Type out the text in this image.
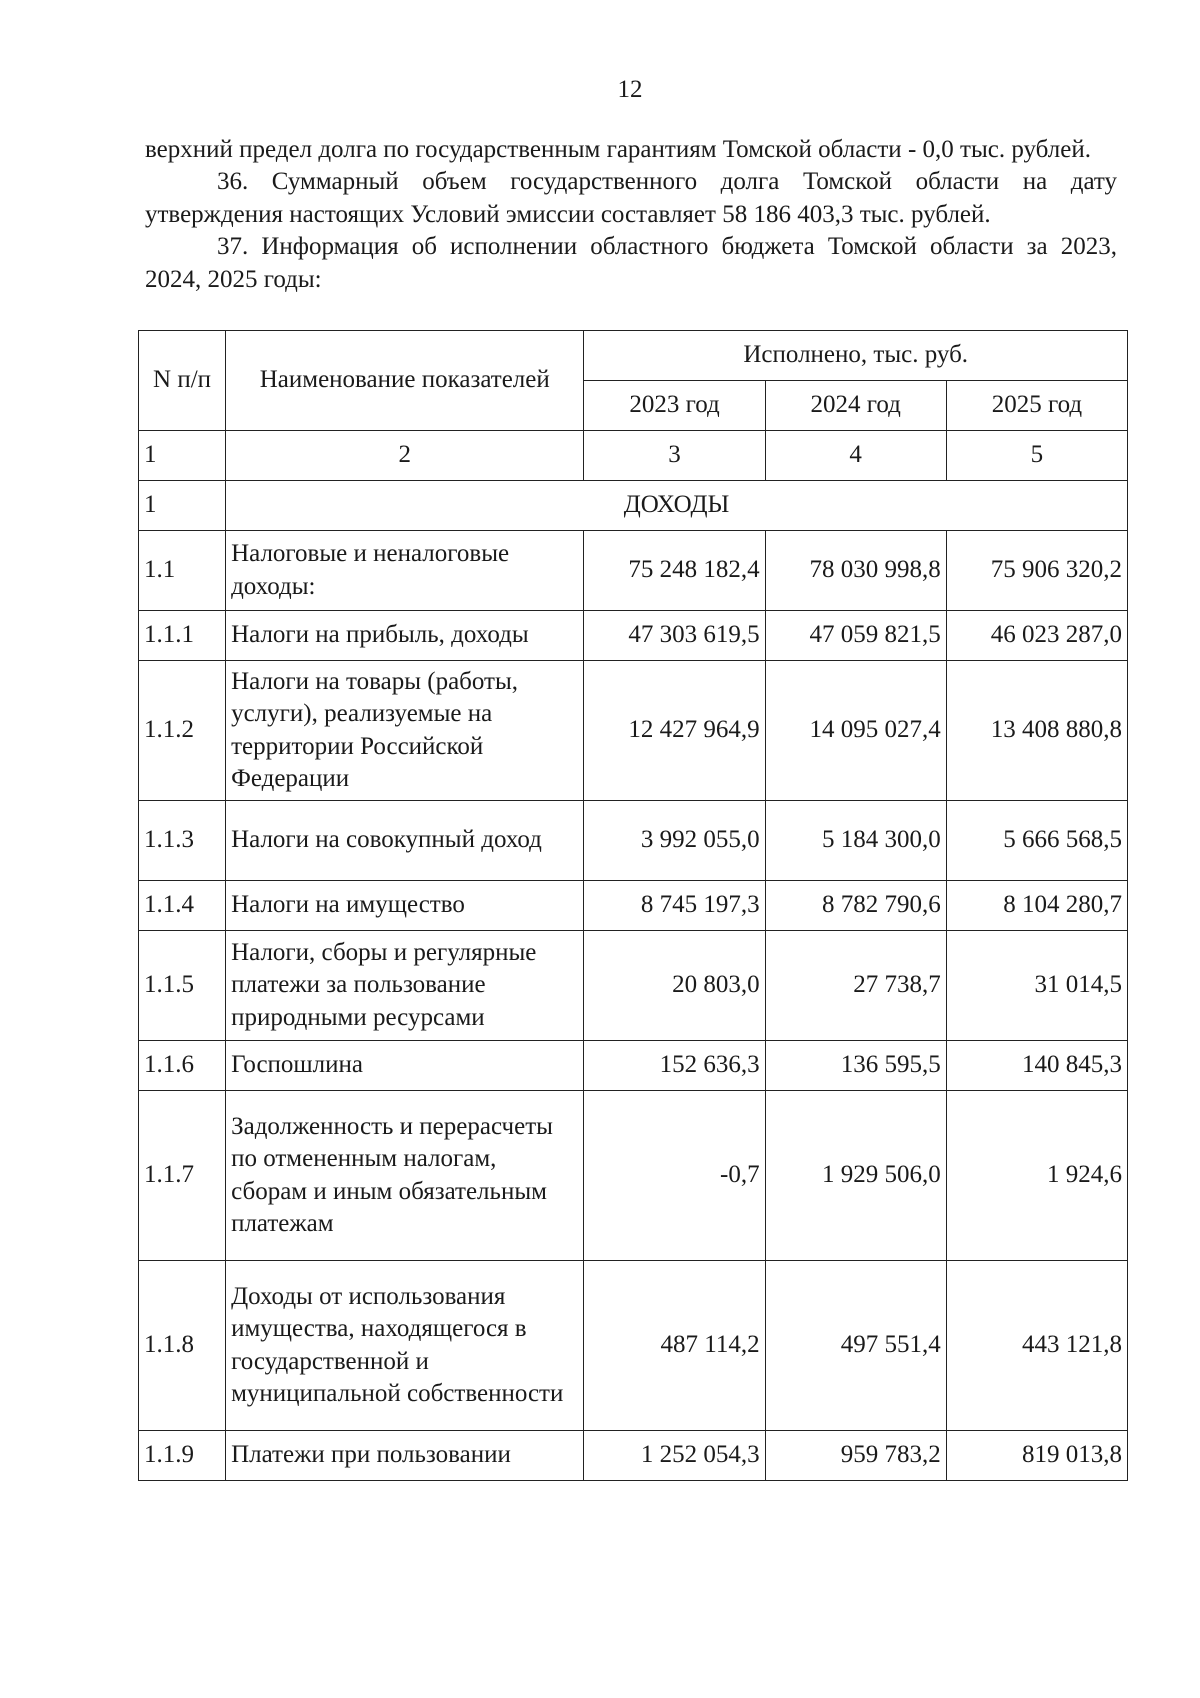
12

верхний предел долга по государственным гарантиям Томской области - 0,0 тыс. рублей.

36. Суммарный объем государственного долга Томской области на дату утверждения настоящих Условий эмиссии составляет 58 186 403,3 тыс. рублей.

37. Информация об исполнении областного бюджета Томской области за 2023, 2024, 2025 годы:

N п/п	Наименование показателей	Исполнено, тыс. руб.		
		2023 год	2024 год	2025 год
1	2	3	4	5
1	ДОХОДЫ			
1.1	Налоговые и неналоговые доходы:	75 248 182,4	78 030 998,8	75 906 320,2
1.1.1	Налоги на прибыль, доходы	47 303 619,5	47 059 821,5	46 023 287,0
1.1.2	Налоги на товары (работы, услуги), реализуемые на территории Российской Федерации	12 427 964,9	14 095 027,4	13 408 880,8
1.1.3	Налоги на совокупный доход	3 992 055,0	5 184 300,0	5 666 568,5
1.1.4	Налоги на имущество	8 745 197,3	8 782 790,6	8 104 280,7
1.1.5	Налоги, сборы и регулярные платежи за пользование природными ресурсами	20 803,0	27 738,7	31 014,5
1.1.6	Госпошлина	152 636,3	136 595,5	140 845,3
1.1.7	Задолженность и перерасчеты по отмененным налогам, сборам и иным обязательным платежам	-0,7	1 929 506,0	1 924,6
1.1.8	Доходы от использования имущества, находящегося в государственной и муниципальной собственности	487 114,2	497 551,4	443 121,8
1.1.9	Платежи при пользовании	1 252 054,3	959 783,2	819 013,8
